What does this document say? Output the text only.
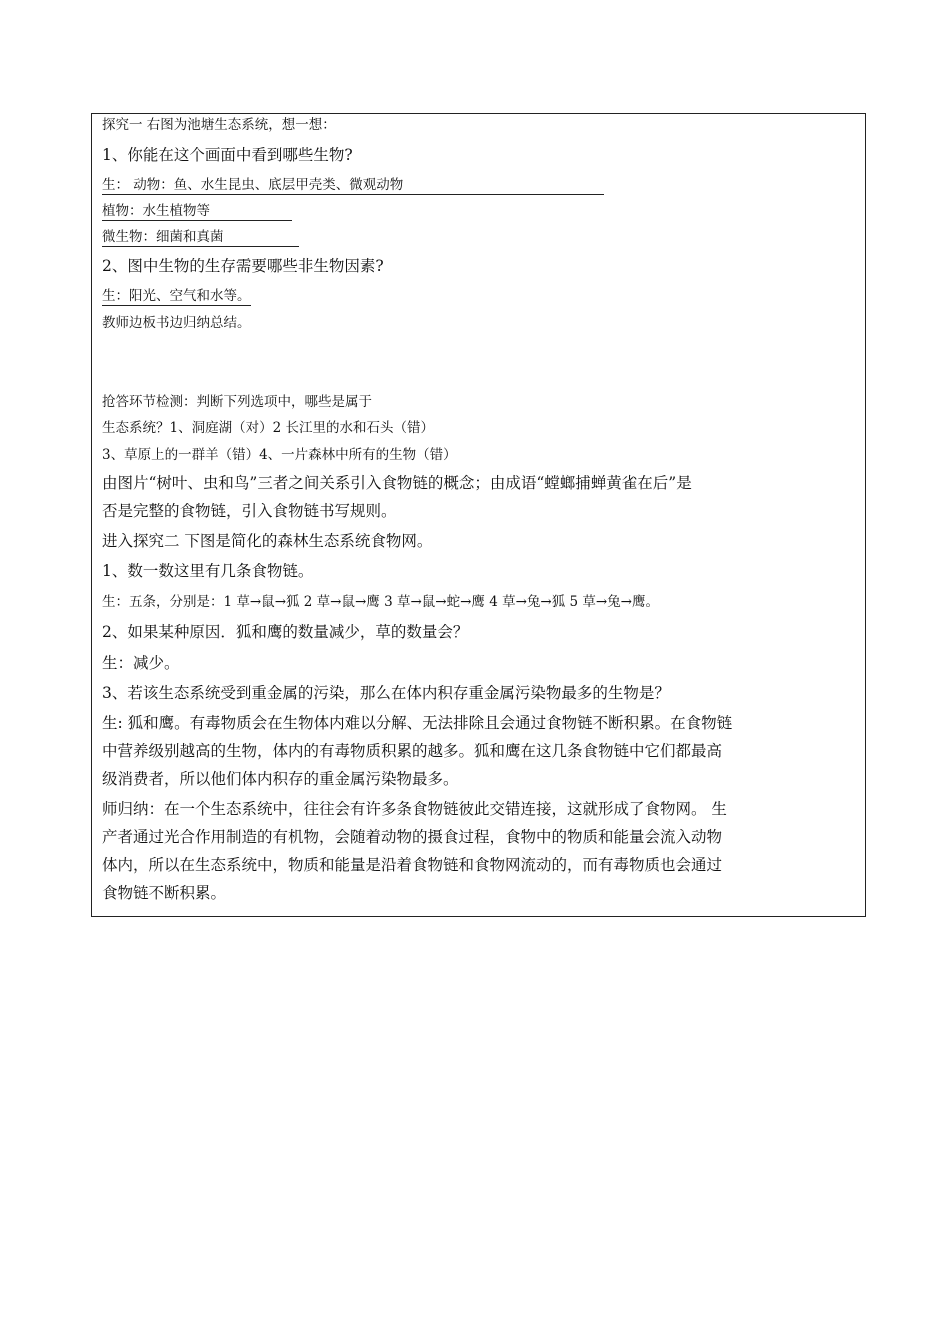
探究一 右图为池塘生态系统，想一想：
1、你能在这个画面中看到哪些生物?
生： 动物：鱼、水生昆虫、底层甲壳类、微观动物
植物：水生植物等
微生物：细菌和真菌
2、图中生物的生存需要哪些非生物因素?
生：阳光、空气和水等。
教师边板书边归纳总结。
抢答环节检测：判断下列选项中，哪些是属于
生态系统？1、洞庭湖（对）2 长江里的水和石头（错）
3、草原上的一群羊（错）4、一片森林中所有的生物（错）
由图片“树叶、虫和鸟”三者之间关系引入食物链的概念；由成语“螳螂捕蝉黄雀在后”是
否是完整的食物链，引入食物链书写规则。
进入探究二 下图是简化的森林生态系统食物网。
1、数一数这里有几条食物链。
生：五条，分别是：1 草→鼠→狐 2 草→鼠→鹰 3 草→鼠→蛇→鹰 4 草→兔→狐 5 草→兔→鹰。
2、如果某种原因．狐和鹰的数量减少，草的数量会？
生：减少。
3、若该生态系统受到重金属的污染，那么在体内积存重金属污染物最多的生物是？
生: 狐和鹰。有毒物质会在生物体内难以分解、无法排除且会通过食物链不断积累。在食物链
中营养级别越高的生物，体内的有毒物质积累的越多。狐和鹰在这几条食物链中它们都最高
级消费者，所以他们体内积存的重金属污染物最多。
师归纳：在一个生态系统中，往往会有许多条食物链彼此交错连接，这就形成了食物网。 生
产者通过光合作用制造的有机物，会随着动物的摄食过程，食物中的物质和能量会流入动物
体内，所以在生态系统中，物质和能量是沿着食物链和食物网流动的，而有毒物质也会通过
食物链不断积累。
